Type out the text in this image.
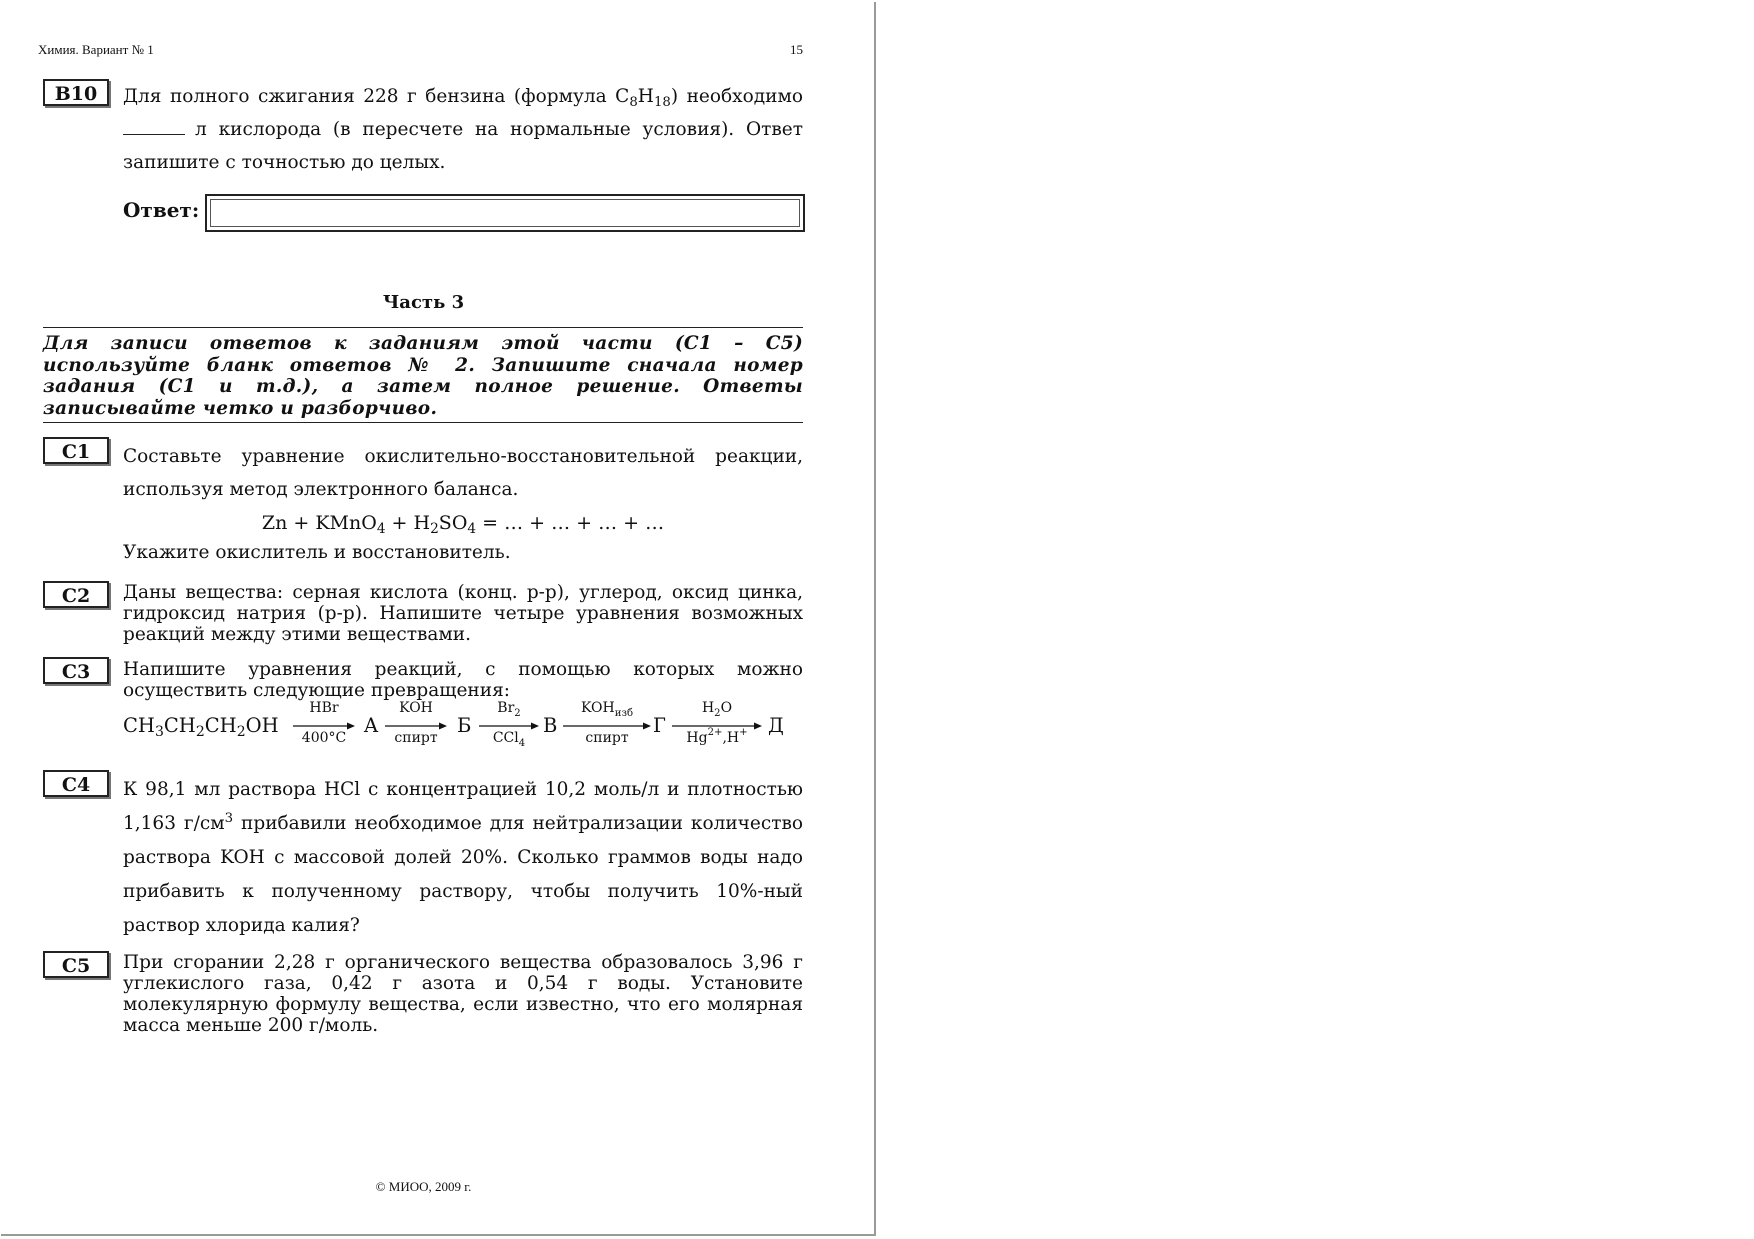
Химия. Вариант № 1	15
B10	Для полного сжигания 228 г бензина (формула $C_8H_{18}$) необходимо
л кислорода (в пересчете на нормальные условия). Ответ
запишите с точностью до целых.
Ответ:
Часть 3
Для записи ответов к заданиям этой части (С1 – С5)
используйте бланк ответов № 2. Запишите сначала номер
задания (С1 и т.д.), а затем полное решение. Ответы
записывайте четко и разборчиво.
С1	Составьте уравнение окислительно-восстановительной реакции,
используя метод электронного баланса.
Zn + KMnO$_4$ + $H_2SO_4$ = … + … + … + …
Укажите окислитель и восстановитель.
С2	Даны вещества: серная кислота (конц. р-р), углерод, оксид цинка,
гидроксид натрия (р-р). Напишите четыре уравнения возможных
реакций между этими веществами.
С3	Напишите уравнения реакций, с помощью которых можно
осуществить следующие превращения:
$CH_3CH_2CH_2OH$
HBr
400°C
A
KOH
спирт
Б
$Br_2$
CCl$_4$
В
$KOH_{изб}$
спирт
Г
$H_2O$
$Hg^{2+},H^+$	Д
С4	К 98,1 мл раствора HCl с концентрацией 10,2 моль/л и плотностью
1,163 $г/см^3$ прибавили необходимое для нейтрализации количество
раствора KOH с массовой долей 20%. Сколько граммов воды надо
прибавить к полученному раствору, чтобы получить 10%-ный
раствор хлорида калия?
С5	При сгорании 2,28 г органического вещества образовалось 3,96 г
углекислого газа, 0,42 г азота и 0,54 г воды. Установите
молекулярную формулу вещества, если известно, что его молярная
масса меньше 200 г/моль.
© МИОО, 2009 г.
